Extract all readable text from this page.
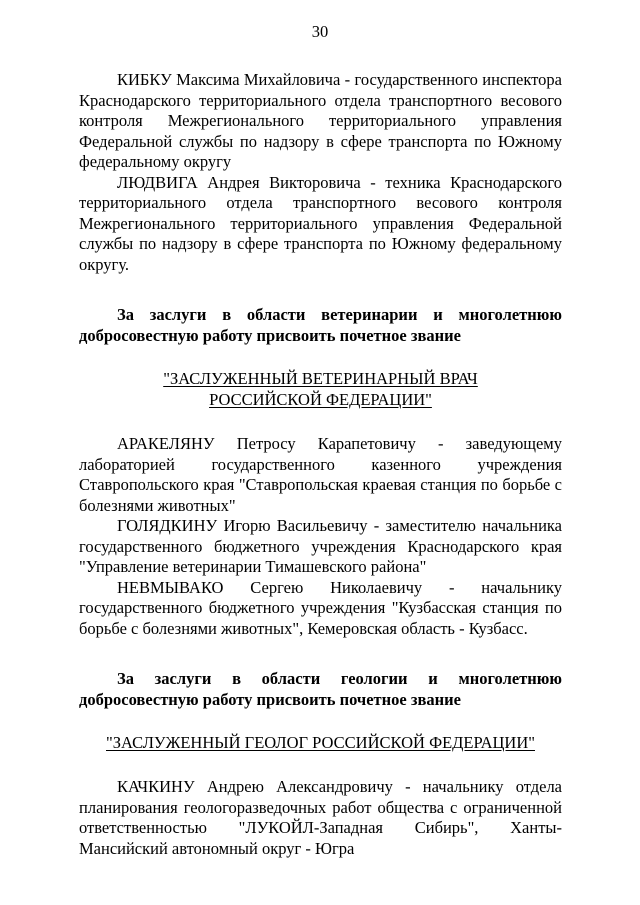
30

КИБКУ Максима Михайловича - государственного инспектора Краснодарского территориального отдела транспортного весового контроля Межрегионального территориального управления Федеральной службы по надзору в сфере транспорта по Южному федеральному округу

ЛЮДВИГА Андрея Викторовича - техника Краснодарского территориального отдела транспортного весового контроля Межрегионального территориального управления Федеральной службы по надзору в сфере транспорта по Южному федеральному округу.

За заслуги в области ветеринарии и многолетнюю добросовестную работу присвоить почетное звание

"ЗАСЛУЖЕННЫЙ ВЕТЕРИНАРНЫЙ ВРАЧ
РОССИЙСКОЙ ФЕДЕРАЦИИ"

АРАКЕЛЯНУ Петросу Карапетовичу - заведующему лабораторией государственного казенного учреждения Ставропольского края "Ставропольская краевая станция по борьбе с болезнями животных"

ГОЛЯДКИНУ Игорю Васильевичу - заместителю начальника государственного бюджетного учреждения Краснодарского края "Управление ветеринарии Тимашевского района"

НЕВМЫВАКО Сергею Николаевичу - начальнику государственного бюджетного учреждения "Кузбасская станция по борьбе с болезнями животных", Кемеровская область - Кузбасс.

За заслуги в области геологии и многолетнюю добросовестную работу присвоить почетное звание

"ЗАСЛУЖЕННЫЙ ГЕОЛОГ РОССИЙСКОЙ ФЕДЕРАЦИИ"

КАЧКИНУ Андрею Александровичу - начальнику отдела планирования геологоразведочных работ общества с ограниченной ответственностью "ЛУКОЙЛ-Западная Сибирь", Ханты-Мансийский автономный округ - Югра
